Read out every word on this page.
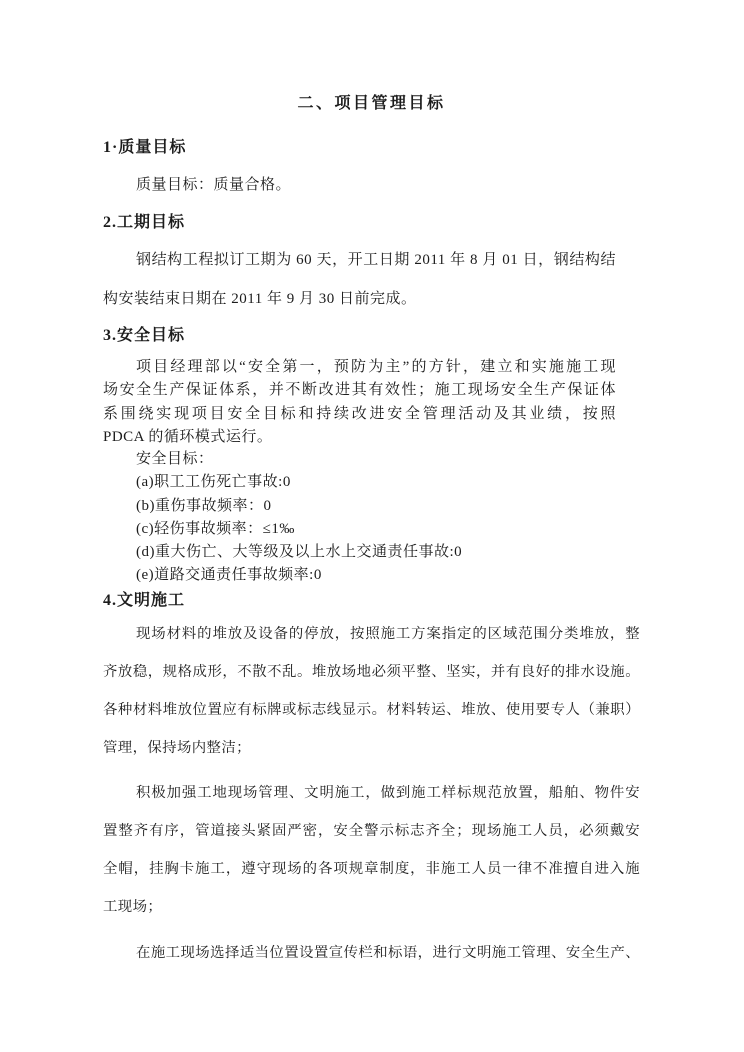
二、项目管理目标
1·质量目标
质量目标：质量合格。
2.工期目标
钢结构工程拟订工期为 60 天，开工日期 2011 年 8 月 01 日，钢结构结
构安装结束日期在 2011 年 9 月 30 日前完成。
3.安全目标
项目经理部以“安全第一，预防为主”的方针，建立和实施施工现
场安全生产保证体系，并不断改进其有效性；施工现场安全生产保证体
系围绕实现项目安全目标和持续改进安全管理活动及其业绩，按照
PDCA 的循环模式运行。
安全目标：
(a)职工工伤死亡事故:0
(b)重伤事故频率：0
(c)轻伤事故频率：≤1‰
(d)重大伤亡、大等级及以上水上交通责任事故:0
(e)道路交通责任事故频率:0
4.文明施工
现场材料的堆放及设备的停放，按照施工方案指定的区域范围分类堆放，整
齐放稳，规格成形，不散不乱。堆放场地必须平整、坚实，并有良好的排水设施。
各种材料堆放位置应有标牌或标志线显示。材料转运、堆放、使用要专人（兼职）
管理，保持场内整洁；
积极加强工地现场管理、文明施工，做到施工样标规范放置，船舶、物件安
置整齐有序，管道接头紧固严密，安全警示标志齐全；现场施工人员，必须戴安
全帽，挂胸卡施工，遵守现场的各项规章制度，非施工人员一律不准擅自进入施
工现场；
在施工现场选择适当位置设置宣传栏和标语，进行文明施工管理、安全生产、
